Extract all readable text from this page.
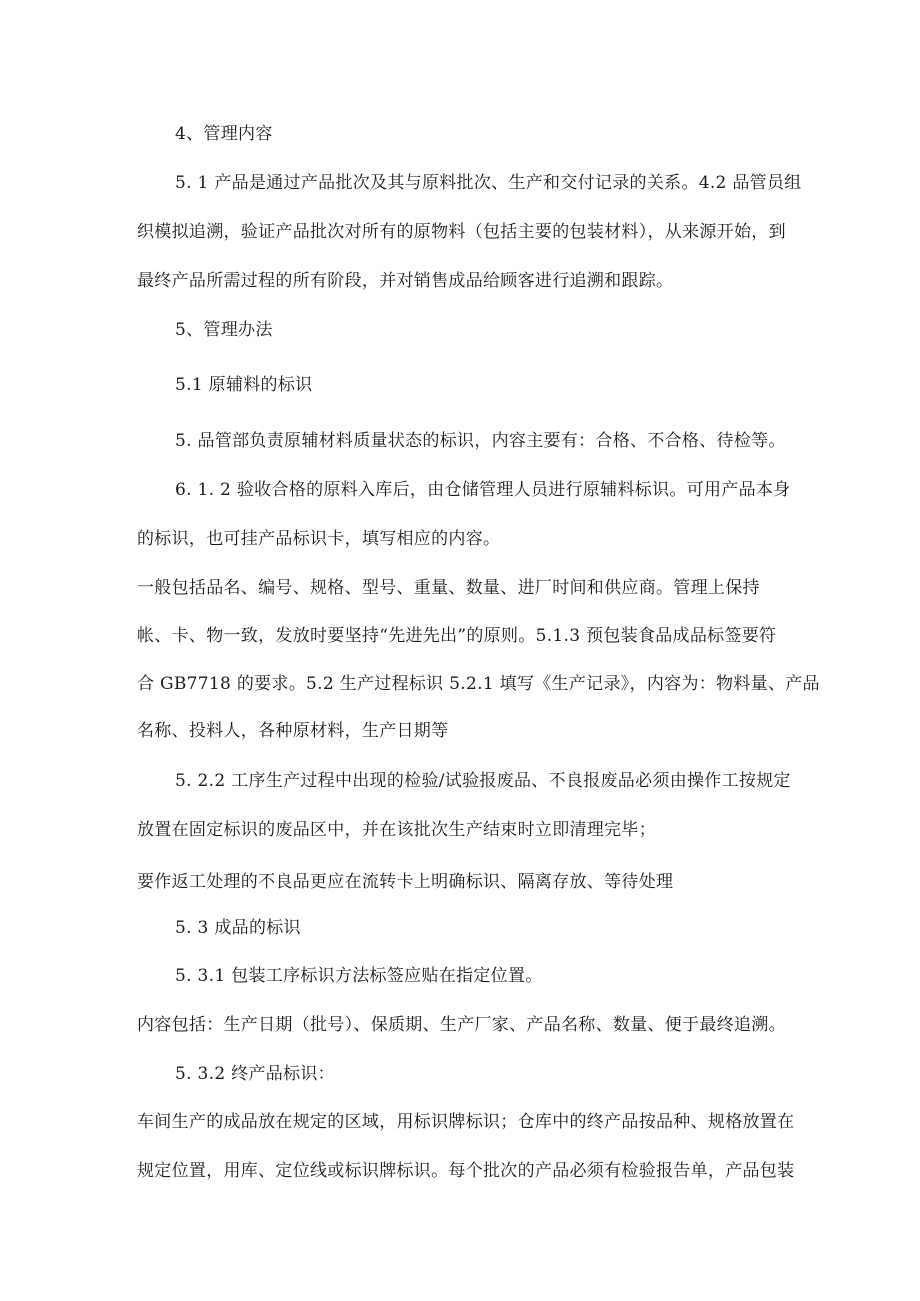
4、管理内容
5. 1 产品是通过产品批次及其与原料批次、生产和交付记录的关系。4.2 品管员组
织模拟追溯，验证产品批次对所有的原物料（包括主要的包装材料），从来源开始，到
最终产品所需过程的所有阶段，并对销售成品给顾客进行追溯和跟踪。
5、管理办法
5.1 原辅料的标识
5. 品管部负责原辅材料质量状态的标识，内容主要有：合格、不合格、待检等。
6. 1. 2 验收合格的原料入库后，由仓储管理人员进行原辅料标识。可用产品本身
的标识，也可挂产品标识卡，填写相应的内容。
一般包括品名、编号、规格、型号、重量、数量、进厂时间和供应商。管理上保持
帐、卡、物一致，发放时要坚持“先进先出”的原则。5.1.3 预包装食品成品标签要符
合 GB7718 的要求。5.2 生产过程标识 5.2.1 填写《生产记录》，内容为：物料量、产品
名称、投料人，各种原材料，生产日期等
5. 2.2 工序生产过程中出现的检验/试验报废品、不良报废品必须由操作工按规定
放置在固定标识的废品区中，并在该批次生产结束时立即清理完毕；
要作返工处理的不良品更应在流转卡上明确标识、隔离存放、等待处理
5. 3 成品的标识
5. 3.1 包装工序标识方法标签应贴在指定位置。
内容包括：生产日期（批号）、保质期、生产厂家、产品名称、数量、便于最终追溯。
5. 3.2 终产品标识：
车间生产的成品放在规定的区域，用标识牌标识；仓库中的终产品按品种、规格放置在
规定位置，用库、定位线或标识牌标识。每个批次的产品必须有检验报告单，产品包装
